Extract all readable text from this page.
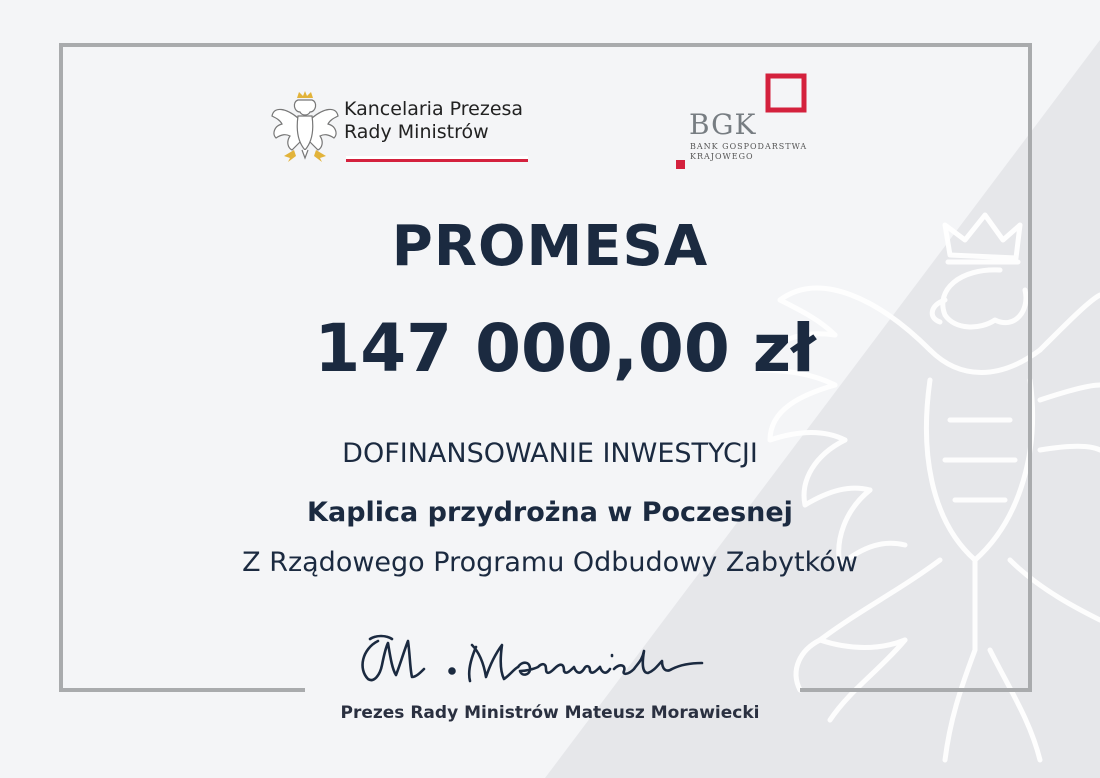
Kancelaria Prezesa
Rady Ministrów	BGK
BANK GOSPODARSTWA
KRAJOWEGO
PROMESA
147 000,00 zł
DOFINANSOWANIE INWESTYCJI
Kaplica przydrożna w Poczesnej
Z Rządowego Programu Odbudowy Zabytków
Prezes Rady Ministrów Mateusz Morawiecki
